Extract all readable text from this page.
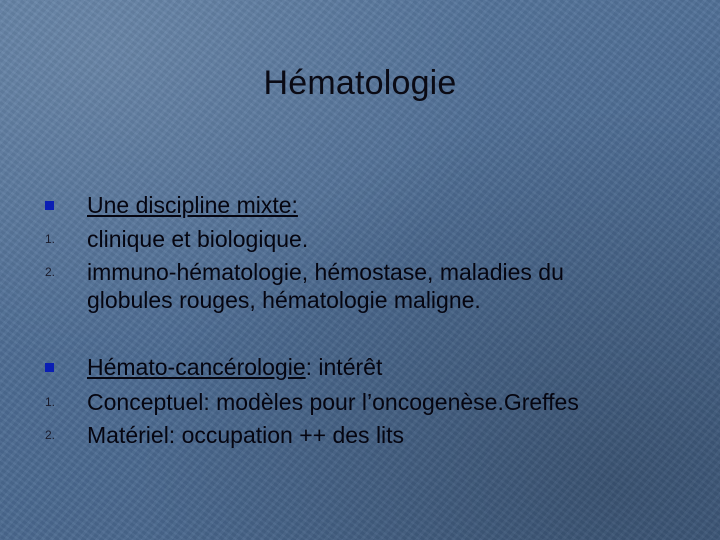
Hématologie
Une discipline mixte:
1. clinique et biologique.
2. immuno-hématologie, hémostase, maladies du
globules rouges, hématologie maligne.
Hémato-cancérologie: intérêt
1. Conceptuel: modèles pour l’oncogenèse.Greffes
2. Matériel: occupation ++ des lits
